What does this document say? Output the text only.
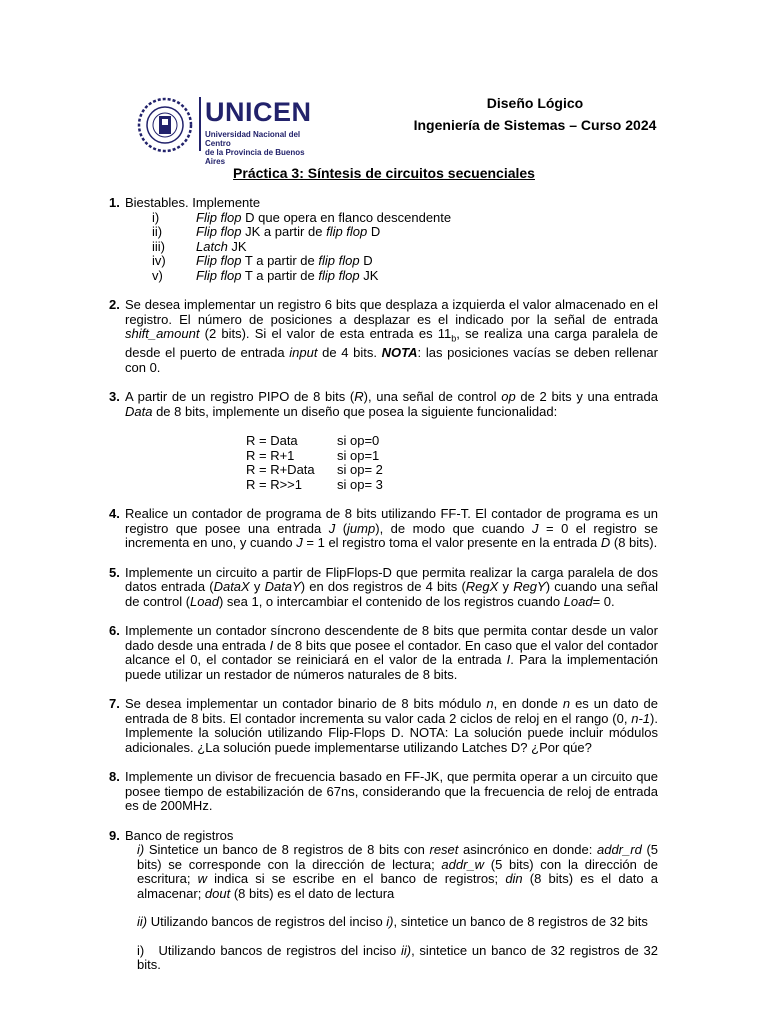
UNICEN
Universidad Nacional del Centro
de la Provincia de Buenos Aires
Diseño Lógico
Ingeniería de Sistemas – Curso 2024
Práctica 3: Síntesis de circuitos secuenciales
1. Biestables. Implemente
i)	Flip flop D que opera en flanco descendente
ii)	Flip flop JK a partir de flip flop D
iii)	Latch JK
iv)	Flip flop T a partir de flip flop D
v)	Flip flop T a partir de flip flop JK
2. Se desea implementar un registro 6 bits que desplaza a izquierda el valor almacenado en el registro. El número de posiciones a desplazar es el indicado por la señal de entrada shift_amount (2 bits). Si el valor de esta entrada es $11_b$, se realiza una carga paralela de desde el puerto de entrada input de 4 bits. NOTA: las posiciones vacías se deben rellenar con 0.
3. A partir de un registro PIPO de 8 bits (R), una señal de control op de 2 bits y una entrada Data de 8 bits, implemente un diseño que posea la siguiente funcionalidad:
R = Data	si op=0
R = R+1	si op=1
R = R+Data	si op= 2
R = R>>1	si op= 3
4. Realice un contador de programa de 8 bits utilizando FF-T. El contador de programa es un registro que posee una entrada J (jump), de modo que cuando J = 0 el registro se incrementa en uno, y cuando J = 1 el registro toma el valor presente en la entrada D (8 bits).
5. Implemente un circuito a partir de FlipFlops-D que permita realizar la carga paralela de dos datos entrada (DataX y DataY) en dos registros de 4 bits (RegX y RegY) cuando una señal de control (Load) sea 1, o intercambiar el contenido de los registros cuando Load= 0.
6. Implemente un contador síncrono descendente de 8 bits que permita contar desde un valor dado desde una entrada I de 8 bits que posee el contador. En caso que el valor del contador alcance el 0, el contador se reiniciará en el valor de la entrada I. Para la implementación puede utilizar un restador de números naturales de 8 bits.
7. Se desea implementar un contador binario de 8 bits módulo n, en donde n es un dato de entrada de 8 bits. El contador incrementa su valor cada 2 ciclos de reloj en el rango (0, n-1). Implemente la solución utilizando Flip-Flops D. NOTA: La solución puede incluir módulos adicionales. ¿La solución puede implementarse utilizando Latches D? ¿Por qúe?
8. Implemente un divisor de frecuencia basado en FF-JK, que permita operar a un circuito que posee tiempo de estabilización de 67ns, considerando que la frecuencia de reloj de entrada es de 200MHz.
9. Banco de registros
i) Sintetice un banco de 8 registros de 8 bits con reset asincrónico en donde: addr_rd (5 bits) se corresponde con la dirección de lectura; addr_w (5 bits) con la dirección de escritura; w indica si se escribe en el banco de registros; din (8 bits) es el dato a almacenar; dout (8 bits) es el dato de lectura
ii) Utilizando bancos de registros del inciso i), sintetice un banco de 8 registros de 32 bits
i)   Utilizando bancos de registros del inciso ii), sintetice un banco de 32 registros de 32 bits.
